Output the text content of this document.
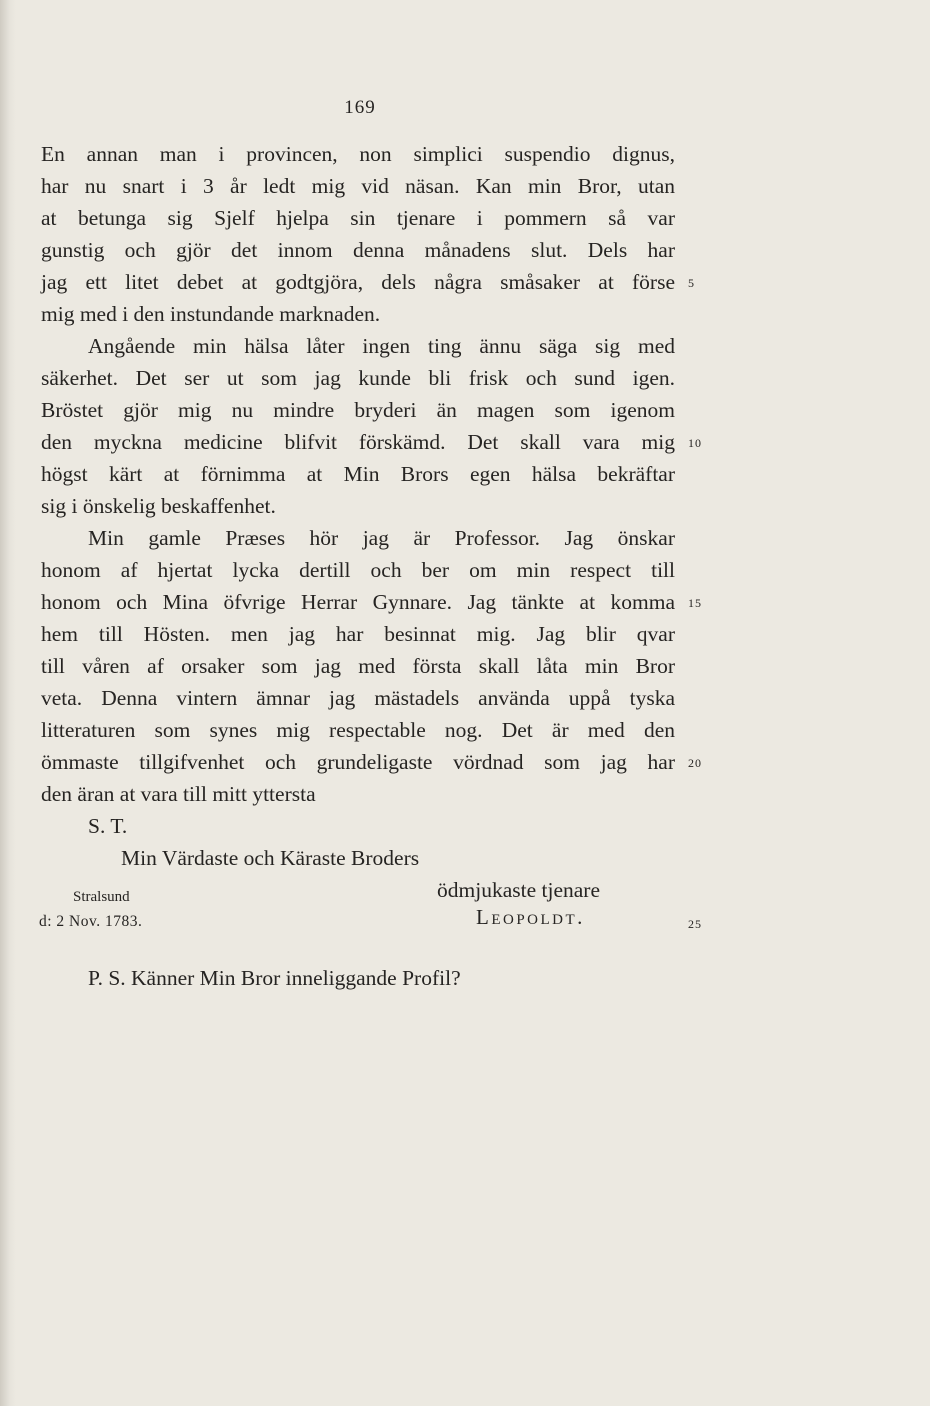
169
En annan man i provincen, non simplici suspendio dignus,
har nu snart i 3 år ledt mig vid näsan. Kan min Bror, utan
at betunga sig Sjelf hjelpa sin tjenare i pommern så var
gunstig och gjör det innom denna månadens slut. Dels har
jag ett litet debet at godtgjöra, dels några småsaker at förse
mig med i den instundande marknaden.
Angående min hälsa låter ingen ting ännu säga sig med
säkerhet. Det ser ut som jag kunde bli frisk och sund igen.
Bröstet gjör mig nu mindre bryderi än magen som igenom
den myckna medicine blifvit förskämd. Det skall vara mig
högst kärt at förnimma at Min Brors egen hälsa bekräftar
sig i önskelig beskaffenhet.
Min gamle Præses hör jag är Professor. Jag önskar
honom af hjertat lycka dertill och ber om min respect till
honom och Mina öfvrige Herrar Gynnare. Jag tänkte at komma
hem till Hösten. men jag har besinnat mig. Jag blir qvar
till våren af orsaker som jag med första skall låta min Bror
veta. Denna vintern ämnar jag mästadels använda uppå tyska
litteraturen som synes mig respectable nog. Det är med den
ömmaste tillgifvenhet och grundeligaste vördnad som jag har
den äran at vara till mitt yttersta
5
10
15
20
25
S. T.
Min Värdaste och Käraste Broders
Stralsund	ödmjukaste tjenare
d: 2 Nov. 1783.	Leopoldt.
P. S. Känner Min Bror inneliggande Profil?
